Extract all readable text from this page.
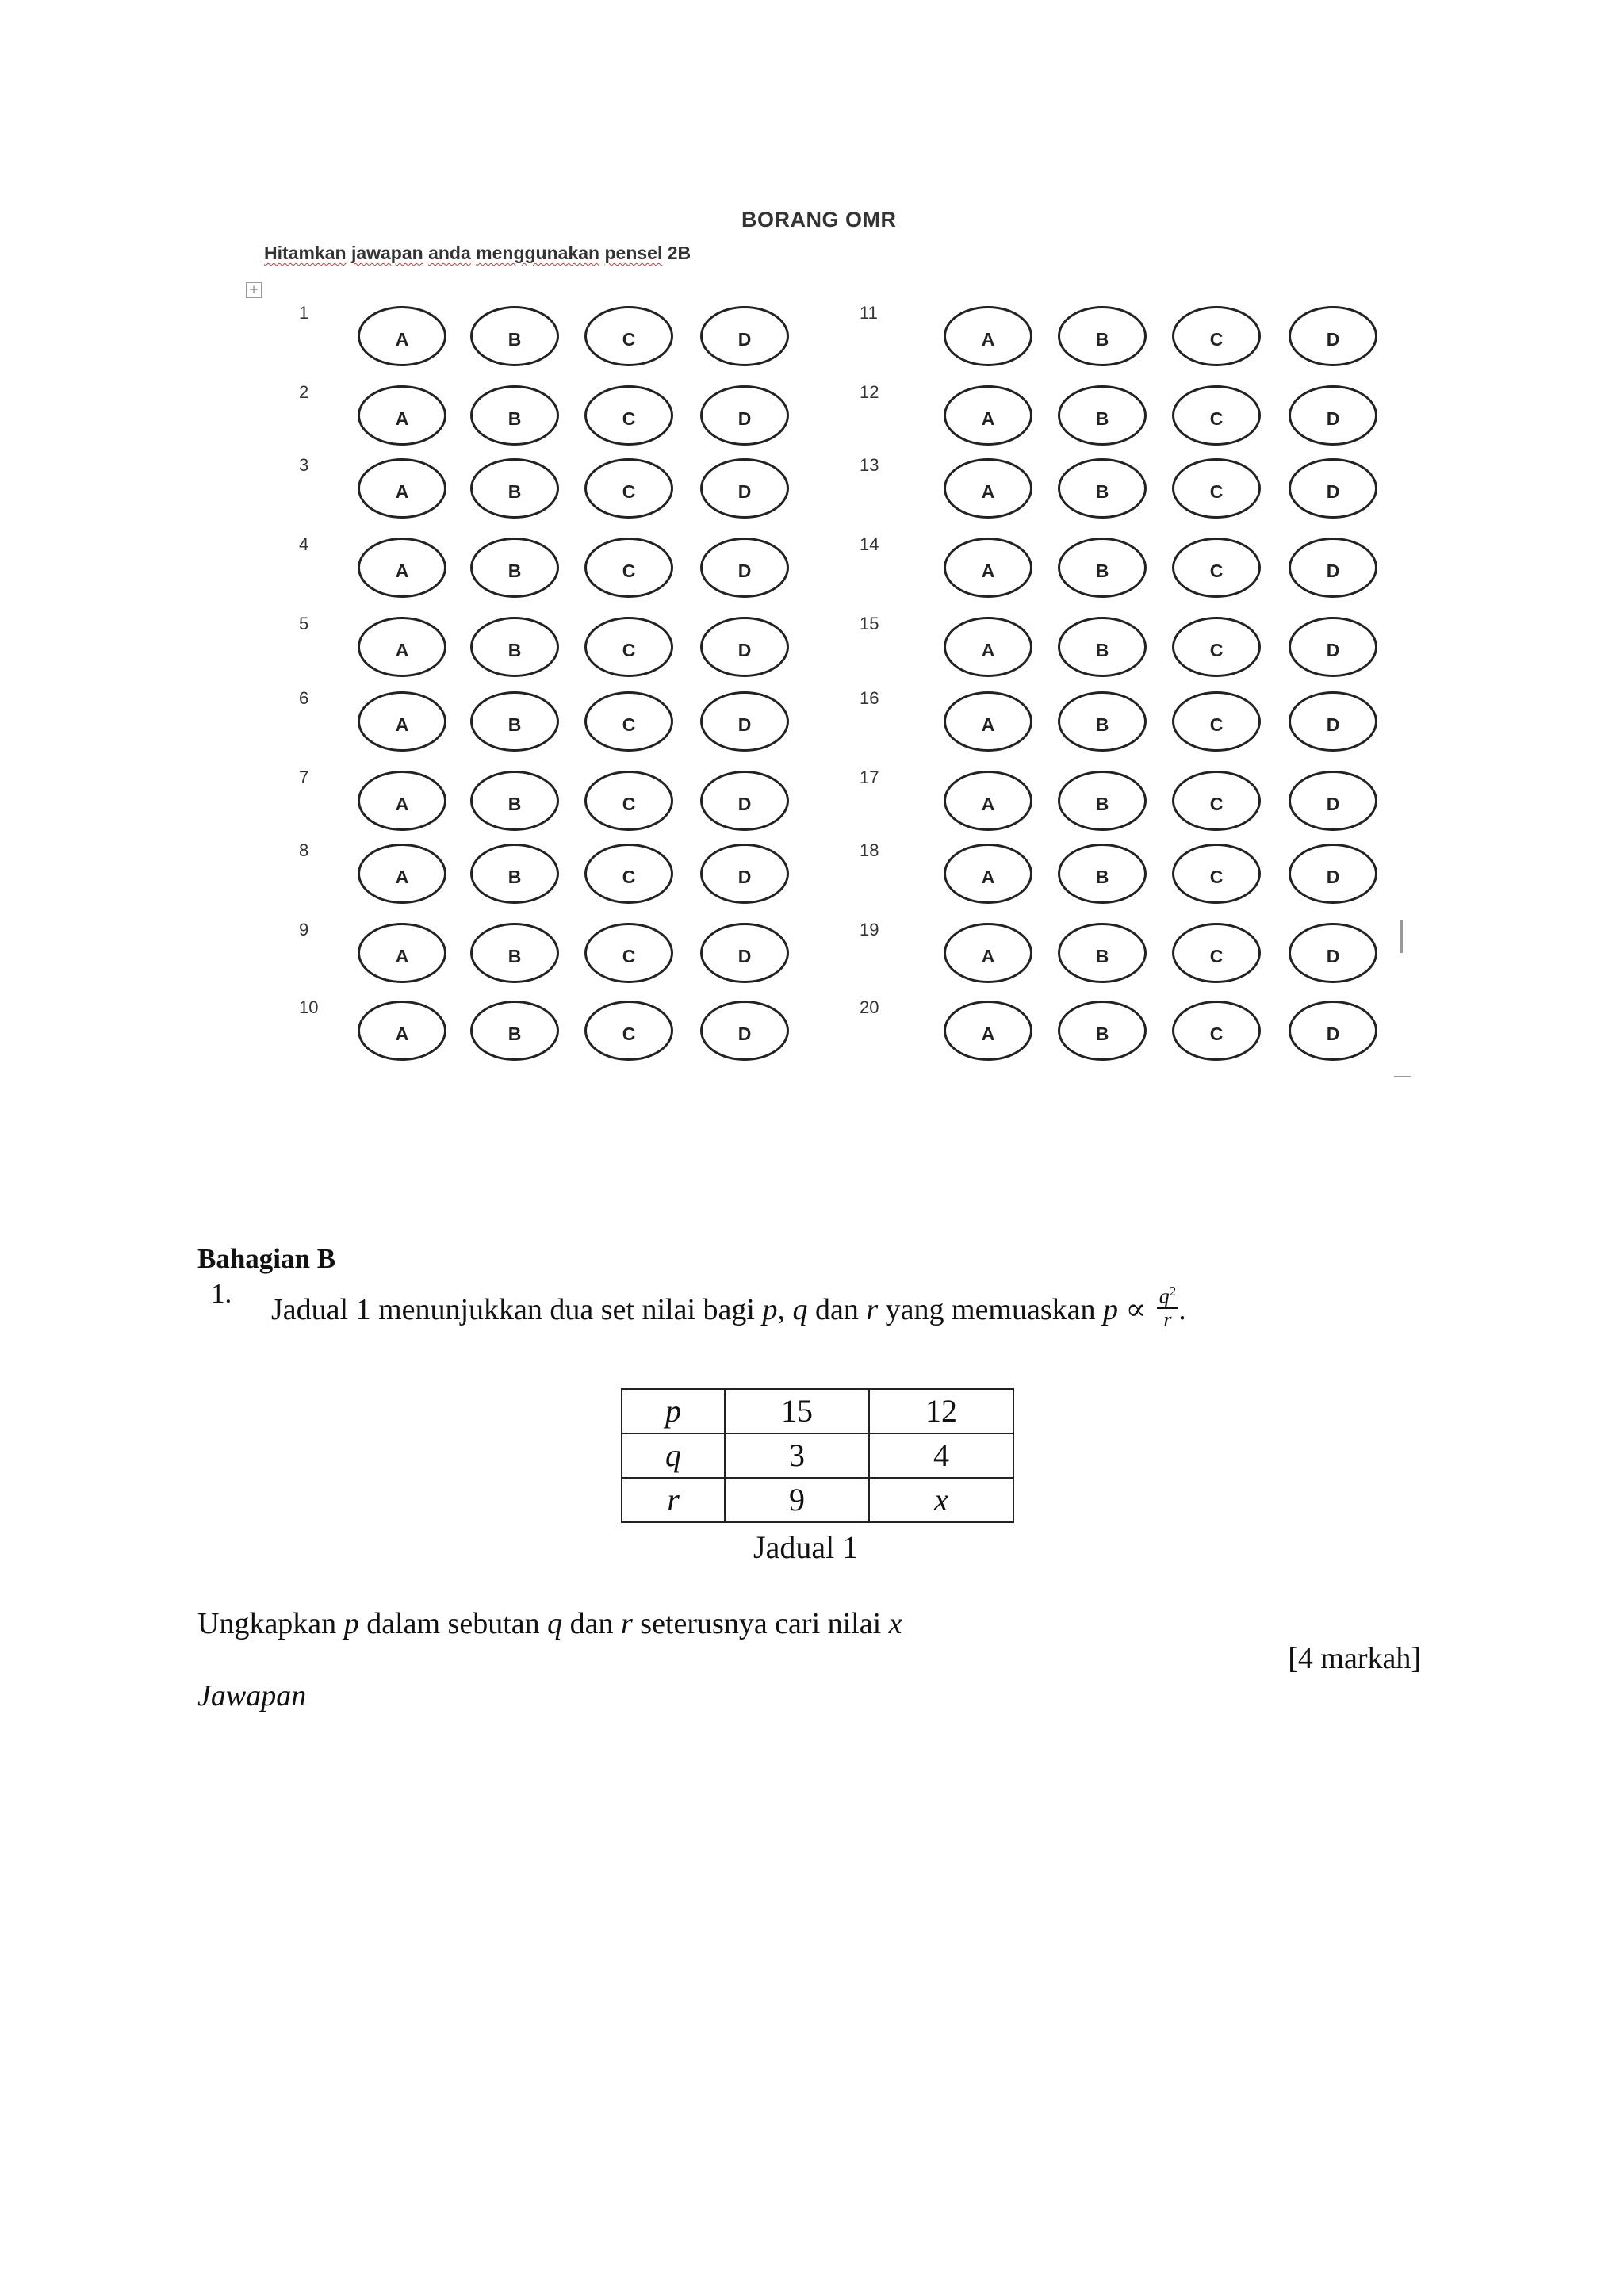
BORANG OMR
Hitamkan jawapan anda menggunakan pensel 2B
+
1
A	B	C	D
2
A	B	C	D
3
A	B	C	D
4
A	B	C	D
5
A	B	C	D
6
A	B	C	D
7
A	B	C	D
8
A	B	C	D
9
A	B	C	D
10
A	B	C	D
11
A	B	C	D
12
A	B	C	D
13
A	B	C	D
14
A	B	C	D
15
A	B	C	D
16
A	B	C	D
17
A	B	C	D
18
A	B	C	D
19
A	B	C	D
20
A	B	C	D
Bahagian B
1. Jadual 1 menunjukkan dua set nilai bagi p, q dan r yang memuaskan $p \propto \frac{q^2}{r}$ .
p	15	12
q	3	4
r	9	x
Jadual 1
Ungkapkan p dalam sebutan q dan r seterusnya cari nilai x
[4 markah]
Jawapan
